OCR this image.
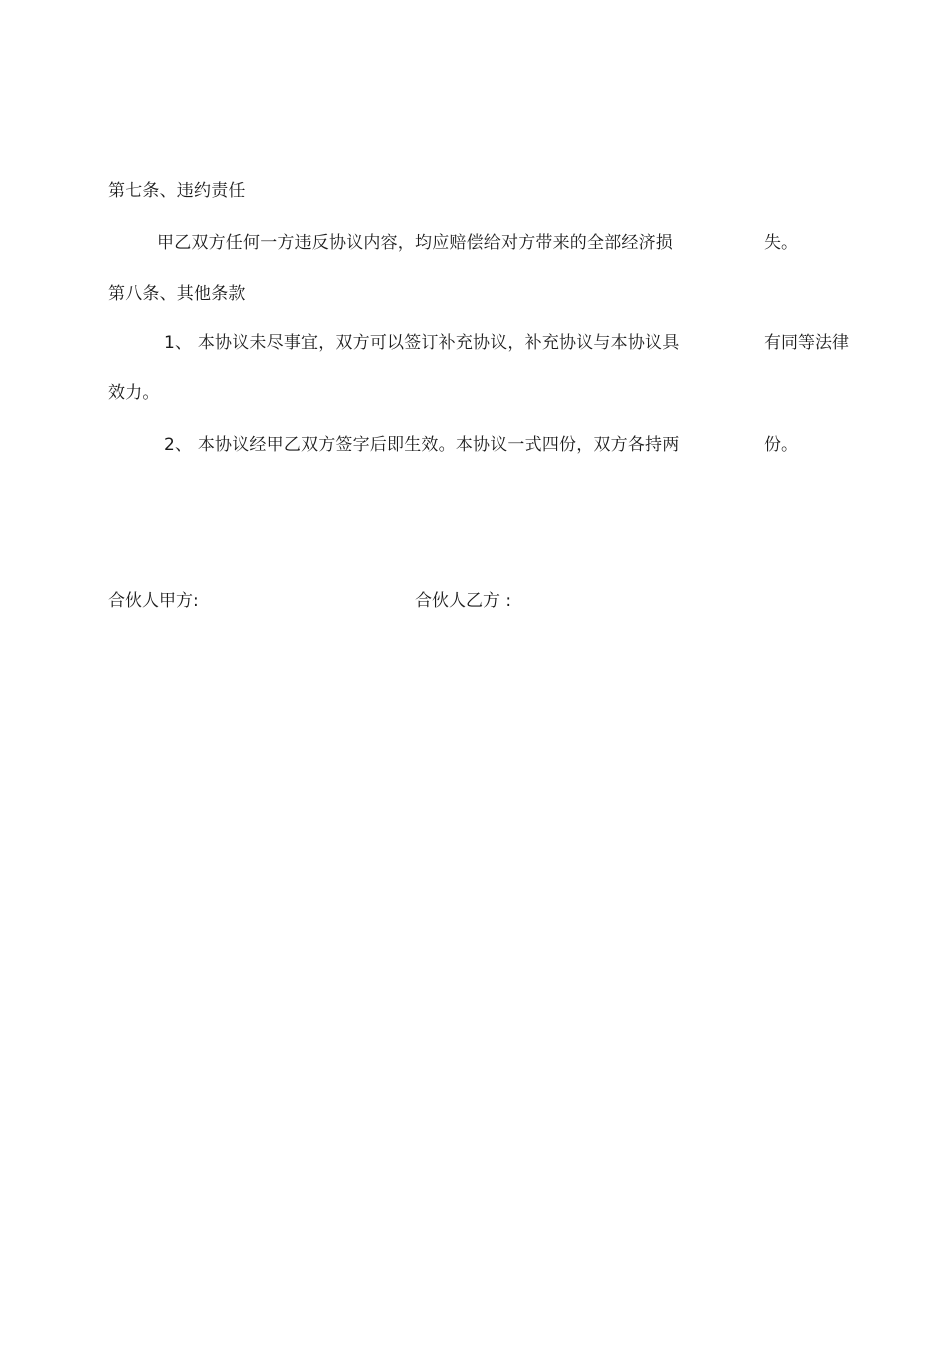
第七条、违约责任
甲乙双方任何一方违反协议内容，均应赔偿给对方带来的全部经济损	失。
第八条、其他条款
1、 本协议未尽事宜，双方可以签订补充协议，补充协议与本协议具	有同等法律
效力。
2、 本协议经甲乙双方签字后即生效。本协议一式四份，双方各持两	份。
合伙人甲方:	合伙人乙方 :
